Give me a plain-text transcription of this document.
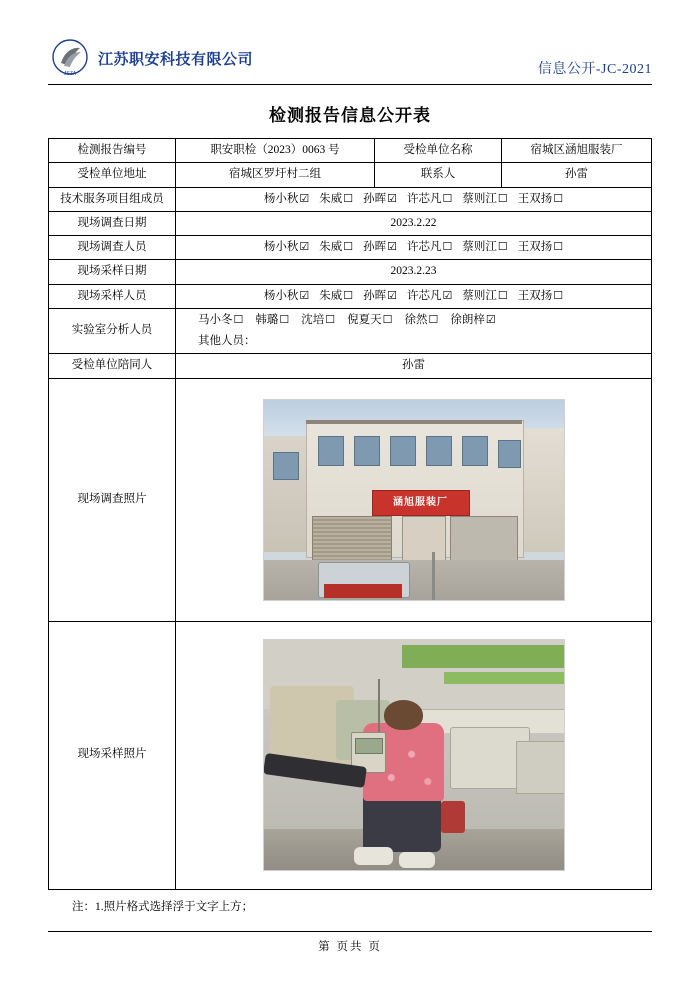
JSZA
江苏职安科技有限公司
信息公开-JC-2021
检测报告信息公开表
检测报告编号	职安职检（2023）0063 号	受检单位名称	宿城区涵旭服装厂
受检单位地址	宿城区罗圩村二组	联系人	孙雷
技术服务项目组成员	杨小秋☑ 朱威☐ 孙晖☑ 许芯凡☐ 蔡则江☐ 王双扬☐

现场调查日期	2023.2.22		
现场调查人员	杨小秋☑ 朱威☐ 孙晖☑ 许芯凡☐ 蔡则江☐ 王双扬☐

现场采样日期	2023.2.23		
现场采样人员	杨小秋☑ 朱威☐ 孙晖☑ 许芯凡☑ 蔡则江☐ 王双扬☐

实验室分析人员	
马小冬☐ 韩璐☐ 沈培☐ 倪夏天☐ 徐然☐ 徐朗梓☑
其他人员：

受检单位陪同人	孙雷		
现场调查照片	涵旭服装厂		

现场采样照片			
注：1.照片格式选择浮于文字上方；
第 页共 页
